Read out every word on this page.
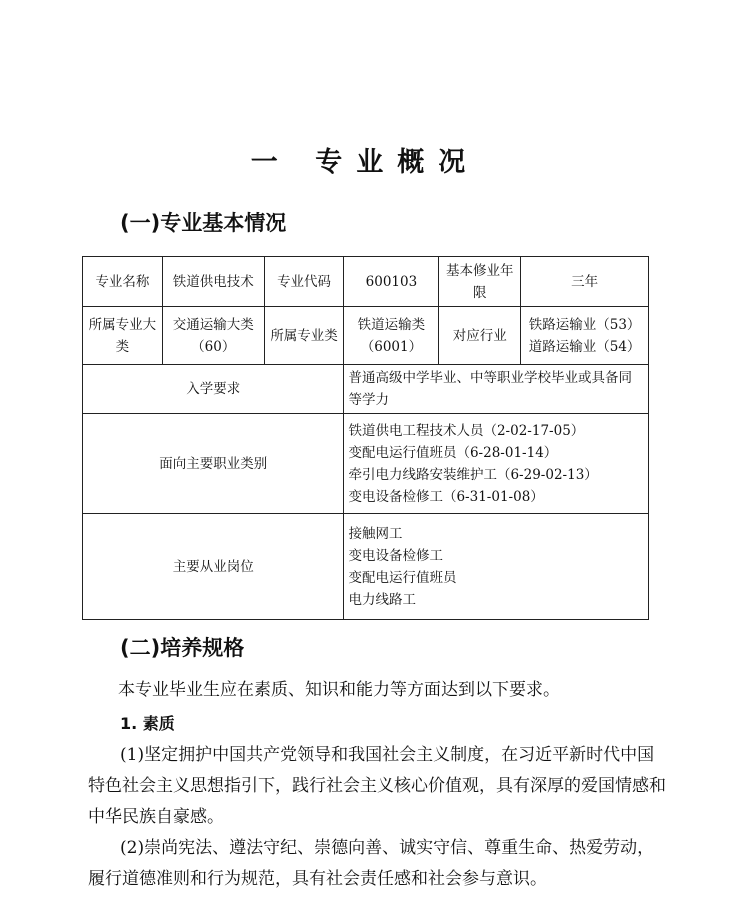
一 专业概况
(一)专业基本情况
专业名称	铁道供电技术	专业代码	600103	基本修业年限	三年
所属专业大类	交通运输大类（60）	所属专业类	铁道运输类（6001）	对应行业	铁路运输业（53）
道路运输业（54）

入学要求			普通高级中学毕业、中等职业学校毕业或具备同等学力		
面向主要职业类别			铁道供电工程技术人员（2-02-17-05）
变配电运行值班员（6-28-01-14）
牵引电力线路安装维护工（6-29-02-13）
变电设备检修工（6-31-01-08）		

主要从业岗位			接触网工
变电设备检修工
变配电运行值班员
电力线路工		
(二)培养规格
本专业毕业生应在素质、知识和能力等方面达到以下要求。
1. 素质
(1)坚定拥护中国共产党领导和我国社会主义制度，在习近平新时代中国特色社会主义思想指引下，践行社会主义核心价值观，具有深厚的爱国情感和中华民族自豪感。
(2)崇尚宪法、遵法守纪、崇德向善、诚实守信、尊重生命、热爱劳动，履行道德准则和行为规范，具有社会责任感和社会参与意识。
